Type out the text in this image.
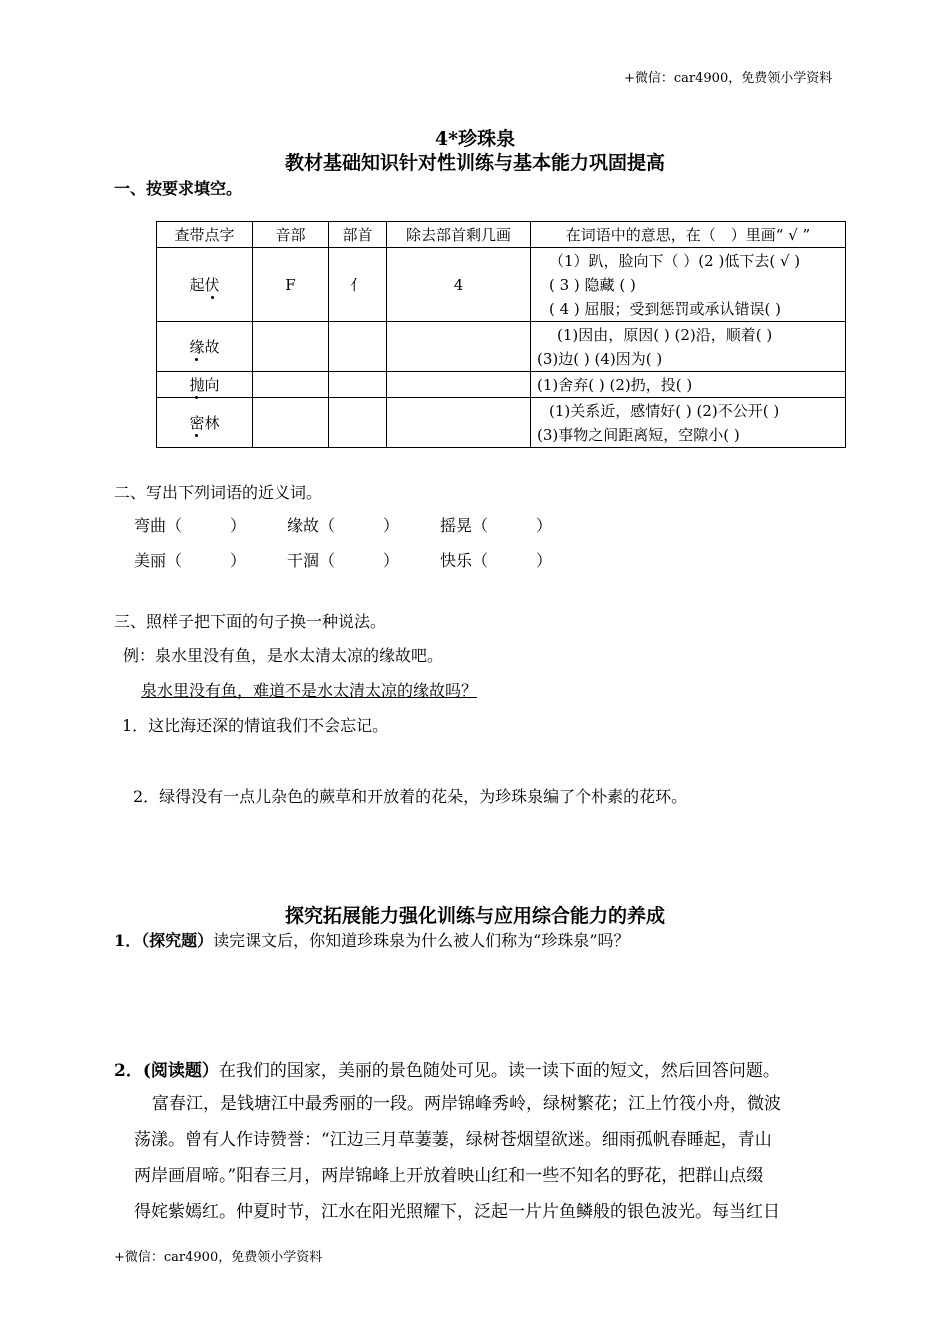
+微信：car4900，免费领小学资料
4*珍珠泉
教材基础知识针对性训练与基本能力巩固提高
一、按要求填空。
查带点字	音部	部首	除去部首剩几画	在词语中的意思，在（　）里画“ √ ”
起伏	F	亻	4	（1）趴，脸向下（ ）(2 )低下去( √ )
( 3 ) 隐藏 ( )
( 4 ) 屈服；受到惩罚或承认错误( )

缘故				(1)因由，原因( ) (2)沿，顺着( )
(3)边( ) (4)因为( )

抛向				(1)舍弃( ) (2)扔，投( )

密林				(1)关系近，感情好( ) (2)不公开( )
(3)事物之间距离短，空隙小( )
二、写出下列词语的近义词。
弯曲（　　　）	缘故（　　　）	摇晃（　　　）
美丽（　　　）	干涸（　　　）	快乐（　　　）
三、照样子把下面的句子换一种说法。
例：泉水里没有鱼，是水太清太凉的缘故吧。
泉水里没有鱼，难道不是水太清太凉的缘故吗？
1．这比海还深的情谊我们不会忘记。
2．绿得没有一点儿杂色的蕨草和开放着的花朵，为珍珠泉编了个朴素的花环。
探究拓展能力强化训练与应用综合能力的养成
1．（探究题）读完课文后，你知道珍珠泉为什么被人们称为“珍珠泉”吗？
2．(阅读题）在我们的国家，美丽的景色随处可见。读一读下面的短文，然后回答问题。
富春江，是钱塘江中最秀丽的一段。两岸锦峰秀岭，绿树繁花；江上竹筏小舟，微波
荡漾。曾有人作诗赞誉：“江边三月草萋萋，绿树苍烟望欲迷。细雨孤帆春睡起，青山
两岸画眉啼。”阳春三月，两岸锦峰上开放着映山红和一些不知名的野花，把群山点缀
得姹紫嫣红。仲夏时节，江水在阳光照耀下，泛起一片片鱼鳞般的银色波光。每当红日
+微信：car4900，免费领小学资料
